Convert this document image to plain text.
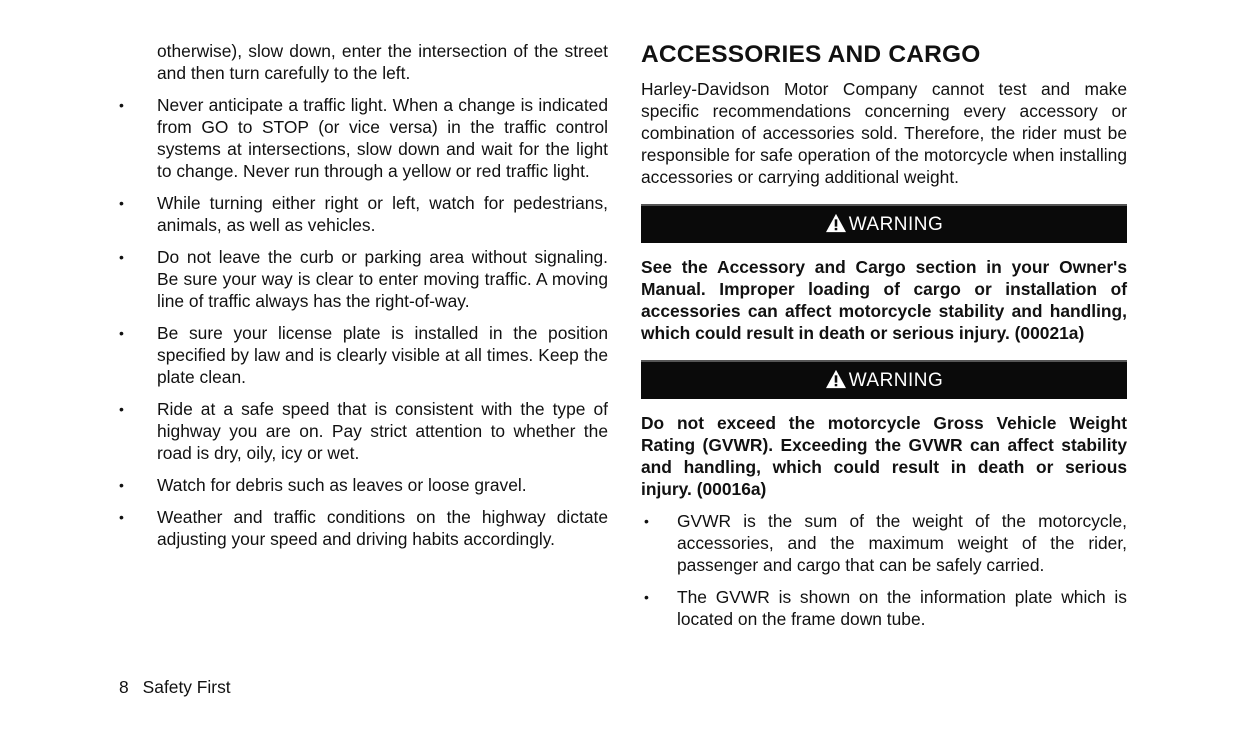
otherwise), slow down, enter the intersection of the street and then turn carefully to the left.

• Never anticipate a traffic light. When a change is indicated from GO to STOP (or vice versa) in the traffic control systems at intersections, slow down and wait for the light to change. Never run through a yellow or red traffic light.
• While turning either right or left, watch for pedestrians, animals, as well as vehicles.
• Do not leave the curb or parking area without signaling. Be sure your way is clear to enter moving traffic. A moving line of traffic always has the right-of-way.
• Be sure your license plate is installed in the position specified by law and is clearly visible at all times. Keep the plate clean.
• Ride at a safe speed that is consistent with the type of highway you are on. Pay strict attention to whether the road is dry, oily, icy or wet.
• Watch for debris such as leaves or loose gravel.
• Weather and traffic conditions on the highway dictate adjusting your speed and driving habits accordingly.
ACCESSORIES AND CARGO

Harley-Davidson Motor Company cannot test and make specific recommendations concerning every accessory or combination of accessories sold. Therefore, the rider must be responsible for safe operation of the motorcycle when installing accessories or carrying additional weight.

WARNING

See the Accessory and Cargo section in your Owner's Manual. Improper loading of cargo or installation of accessories can affect motorcycle stability and handling, which could result in death or serious injury. (00021a)

WARNING

Do not exceed the motorcycle Gross Vehicle Weight Rating (GVWR). Exceeding the GVWR can affect stability and handling, which could result in death or serious injury. (00016a)

• GVWR is the sum of the weight of the motorcycle, accessories, and the maximum weight of the rider, passenger and cargo that can be safely carried.
• The GVWR is shown on the information plate which is located on the frame down tube.
8 Safety First
